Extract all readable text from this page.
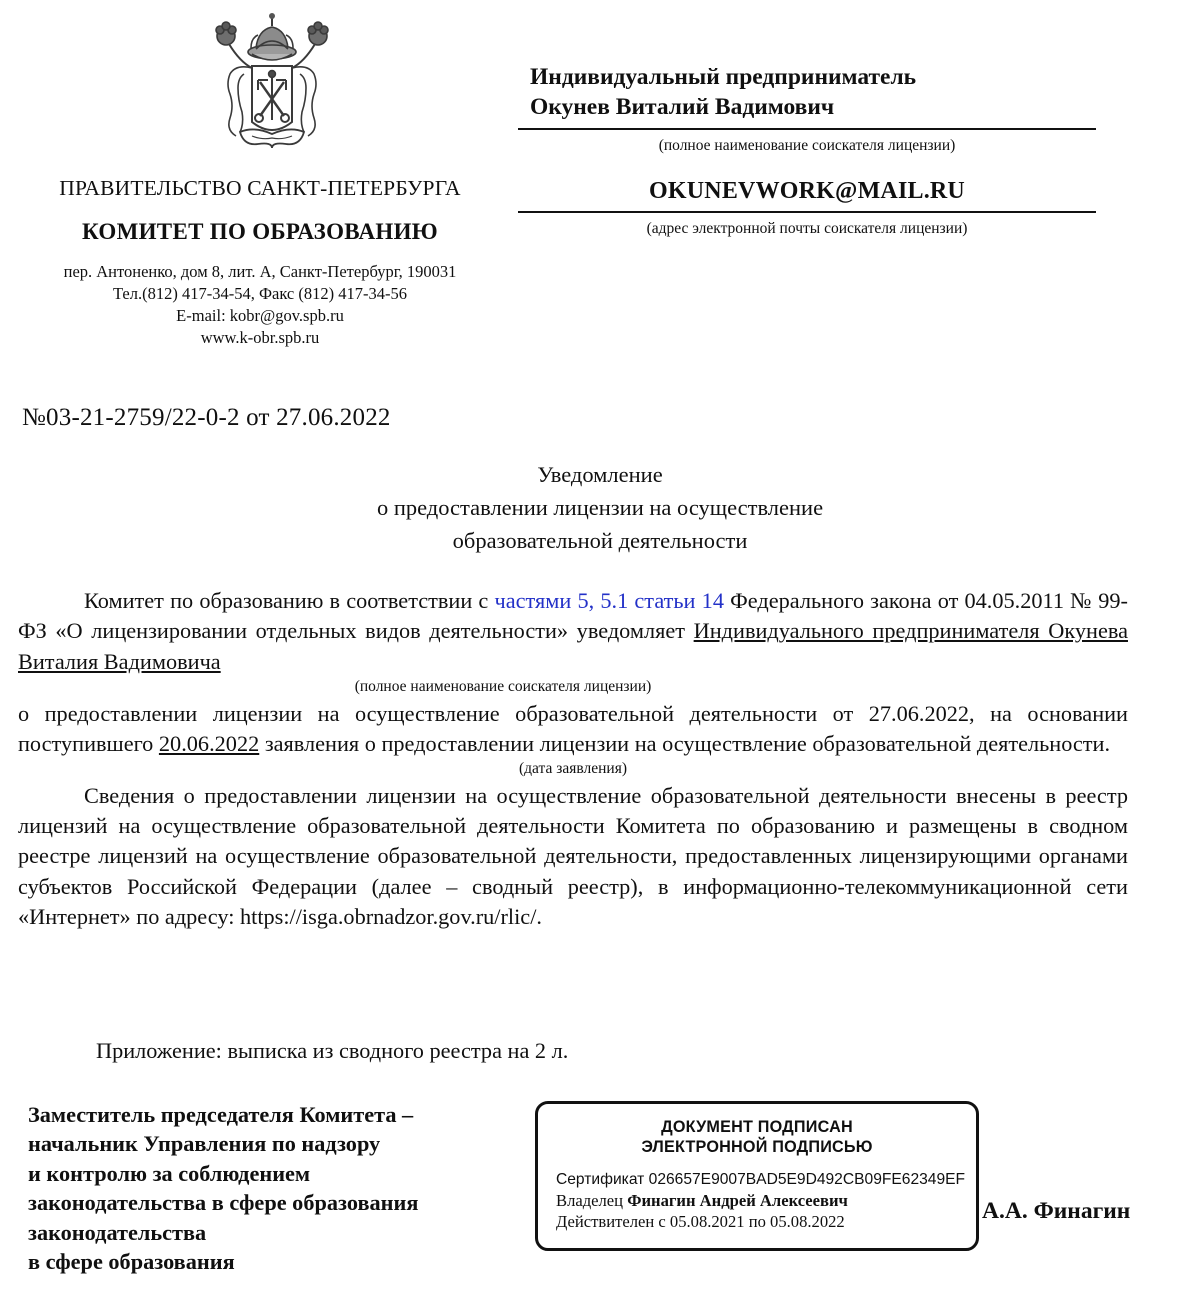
ПРАВИТЕЛЬСТВО САНКТ-ПЕТЕРБУРГА
КОМИТЕТ ПО ОБРАЗОВАНИЮ
пер. Антоненко, дом 8, лит. А, Санкт-Петербург, 190031
Тел.(812) 417-34-54, Факс (812) 417-34-56
E-mail: kobr@gov.spb.ru
www.k-obr.spb.ru
Индивидуальный предприниматель
Окунев Виталий Вадимович
(полное наименование соискателя лицензии)
OKUNEVWORK@MAIL.RU
(адрес электронной почты соискателя лицензии)
№03-21-2759/22-0-2 от 27.06.2022
Уведомление
о предоставлении лицензии на осуществление
образовательной деятельности

Комитет по образованию в соответствии с частями 5, 5.1 статьи 14 Федерального закона от 04.05.2011 № 99-ФЗ «О лицензировании отдельных видов деятельности» уведомляет Индивидуального предпринимателя Окунева Виталия Вадимовича

(полное наименование соискателя лицензии)

о предоставлении лицензии на осуществление образовательной деятельности от 27.06.2022, на основании поступившего 20.06.2022 заявления о предоставлении лицензии на осуществление образовательной деятельности.

(дата заявления)

Сведения о предоставлении лицензии на осуществление образовательной деятельности внесены в реестр лицензий на осуществление образовательной деятельности Комитета по образованию и размещены в сводном реестре лицензий на осуществление образовательной деятельности, предоставленных лицензирующими органами субъектов Российской Федерации (далее – сводный реестр), в информационно-телекоммуникационной сети «Интернет» по адресу: https://isga.obrnadzor.gov.ru/rlic/.

Приложение: выписка из сводного реестра на 2 л.
Заместитель председателя Комитета –
начальник Управления по надзору
и контролю за соблюдением
законодательства в сфере образования
законодательства
в сфере образования
А.А. Финагин
ДОКУМЕНТ ПОДПИСАН
ЭЛЕКТРОННОЙ ПОДПИСЬЮ
Сертификат 026657E9007BAD5E9D492CB09FE62349EF
Владелец Финагин Андрей Алексеевич
Действителен с 05.08.2021 по 05.08.2022
